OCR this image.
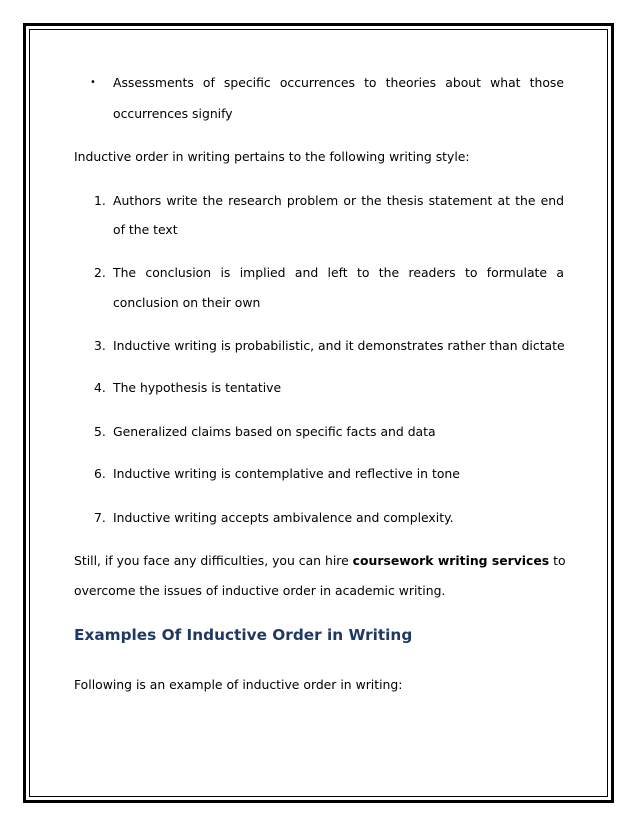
• Assessments of specific occurrences to theories about what those
occurrences signify
Inductive order in writing pertains to the following writing style:
1. Authors write the research problem or the thesis statement at the end
of the text
2. The conclusion is implied and left to the readers to formulate a
conclusion on their own
3. Inductive writing is probabilistic, and it demonstrates rather than dictate
4. The hypothesis is tentative
5. Generalized claims based on specific facts and data
6. Inductive writing is contemplative and reflective in tone
7. Inductive writing accepts ambivalence and complexity.
Still, if you face any difficulties, you can hire coursework writing services to
overcome the issues of inductive order in academic writing.
Examples Of Inductive Order in Writing
Following is an example of inductive order in writing:
